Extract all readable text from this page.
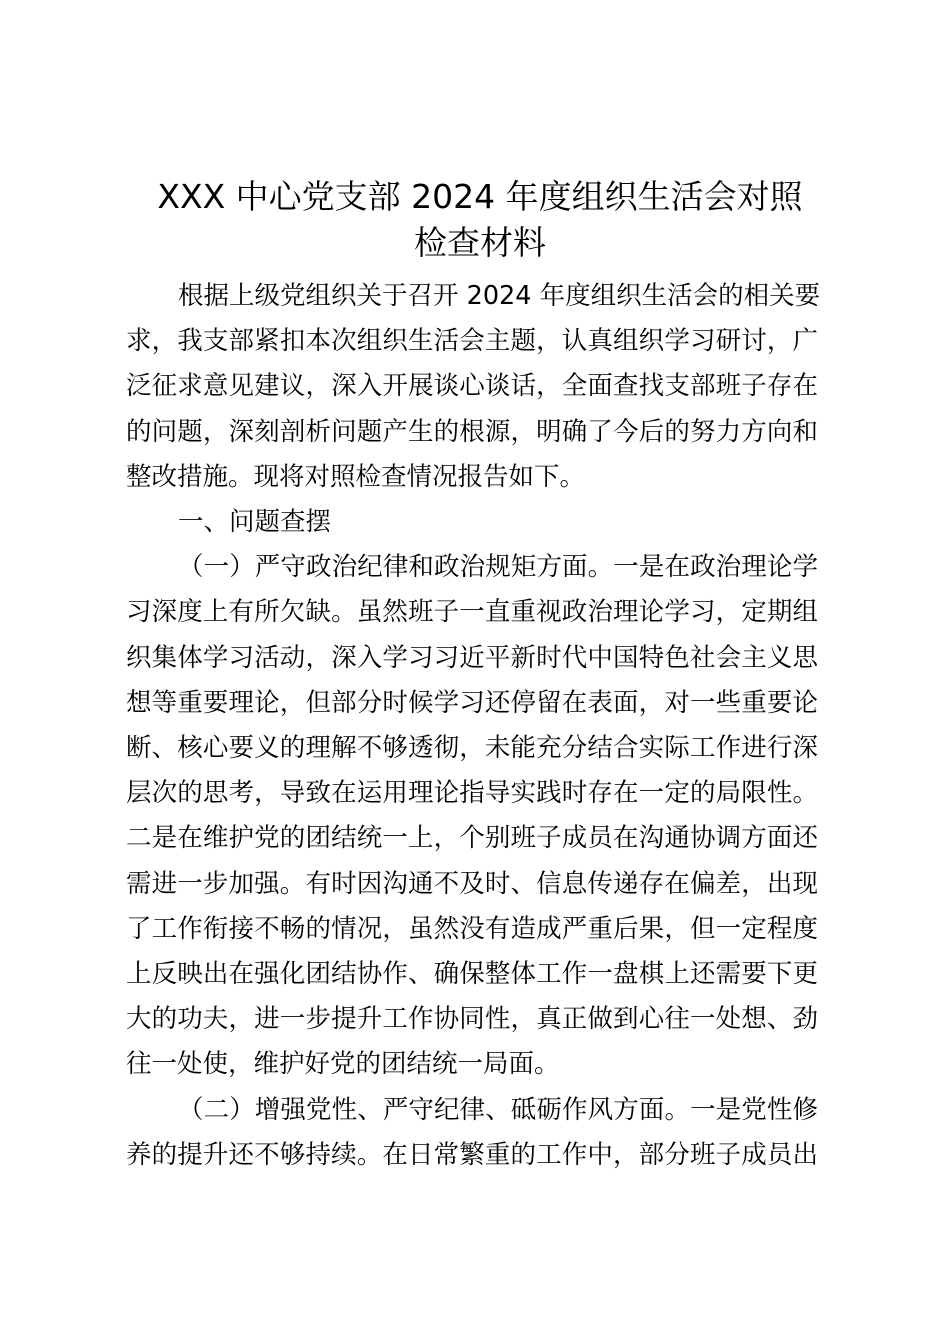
XXX 中心党支部 2024 年度组织生活会对照
检查材料

根据上级党组织关于召开 2024 年度组织生活会的相关要
求，我支部紧扣本次组织生活会主题，认真组织学习研讨，广
泛征求意见建议，深入开展谈心谈话，全面查找支部班子存在
的问题，深刻剖析问题产生的根源，明确了今后的努力方向和
整改措施。现将对照检查情况报告如下。

一、问题查摆

（一）严守政治纪律和政治规矩方面。一是在政治理论学
习深度上有所欠缺。虽然班子一直重视政治理论学习，定期组
织集体学习活动，深入学习习近平新时代中国特色社会主义思
想等重要理论，但部分时候学习还停留在表面，对一些重要论
断、核心要义的理解不够透彻，未能充分结合实际工作进行深
层次的思考，导致在运用理论指导实践时存在一定的局限性。
二是在维护党的团结统一上，个别班子成员在沟通协调方面还
需进一步加强。有时因沟通不及时、信息传递存在偏差，出现
了工作衔接不畅的情况，虽然没有造成严重后果，但一定程度
上反映出在强化团结协作、确保整体工作一盘棋上还需要下更
大的功夫，进一步提升工作协同性，真正做到心往一处想、劲
往一处使，维护好党的团结统一局面。

（二）增强党性、严守纪律、砥砺作风方面。一是党性修
养的提升还不够持续。在日常繁重的工作中，部分班子成员出
